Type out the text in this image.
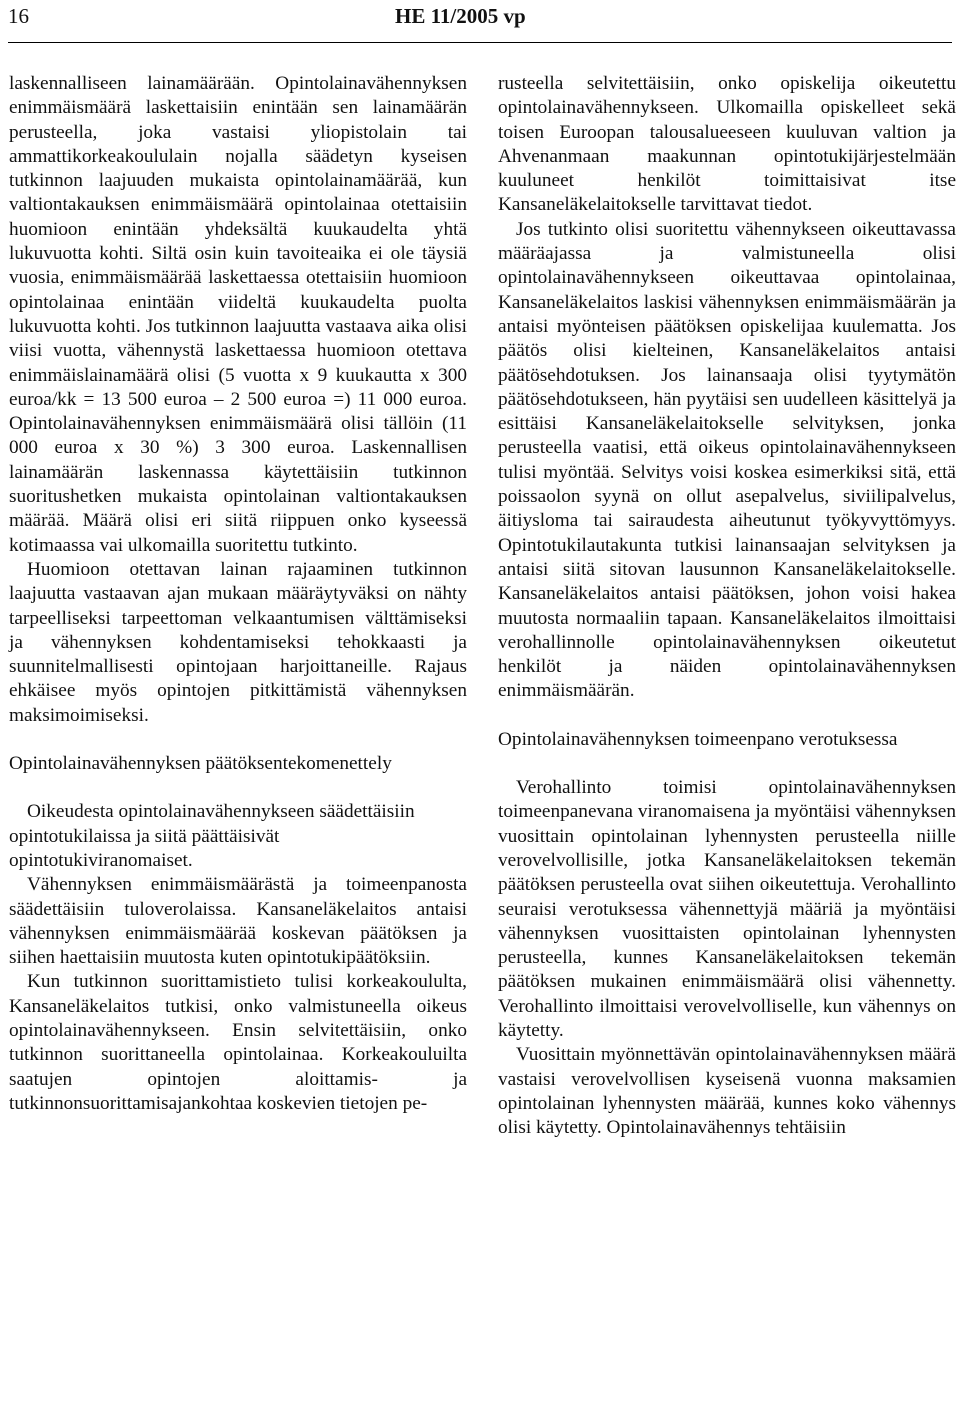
16	HE 11/2005 vp

laskennalliseen lainamäärään. Opintolainavähennyksen enimmäismäärä laskettaisiin enintään sen lainamäärän perusteella, joka vastaisi yliopistolain tai ammattikorkeakoululain nojalla säädetyn kyseisen tutkinnon laajuuden mukaista opintolainamäärää, kun valtiontakauksen enimmäismäärä opintolainaa otettaisiin huomioon enintään yhdeksältä kuukaudelta yhtä lukuvuotta kohti. Siltä osin kuin tavoiteaika ei ole täysiä vuosia, enimmäismäärää laskettaessa otettaisiin huomioon opintolainaa enintään viideltä kuukaudelta puolta lukuvuotta kohti. Jos tutkinnon laajuutta vastaava aika olisi viisi vuotta, vähennystä laskettaessa huomioon otettava enimmäislainamäärä olisi (5 vuotta x 9 kuukautta x 300 euroa/kk = 13 500 euroa – 2 500 euroa =) 11 000 euroa. Opintolainavähennyksen enimmäismäärä olisi tällöin (11 000 euroa x 30 %) 3 300 euroa. Laskennallisen lainamäärän laskennassa käytettäisiin tutkinnon suoritushetken mukaista opintolainan valtiontakauksen määrää. Määrä olisi eri siitä riippuen onko kyseessä kotimaassa vai ulkomailla suoritettu tutkinto.

Huomioon otettavan lainan rajaaminen tutkinnon laajuutta vastaavan ajan mukaan määräytyväksi on nähty tarpeelliseksi tarpeettoman velkaantumisen välttämiseksi ja vähennyksen kohdentamiseksi tehokkaasti ja suunnitelmallisesti opintojaan harjoittaneille. Rajaus ehkäisee myös opintojen pitkittämistä vähennyksen maksimoimiseksi.

Opintolainavähennyksen päätöksentekomenettely
Oikeudesta opintolainavähennykseen säädettäisiin opintotukilaissa ja siitä päättäisivät opintotukiviranomaiset.

Vähennyksen enimmäismäärästä ja toimeenpanosta säädettäisiin tuloverolaissa. Kansaneläkelaitos antaisi vähennyksen enimmäismäärää koskevan päätöksen ja siihen haettaisiin muutosta kuten opintotukipäätöksiin.

Kun tutkinnon suorittamistieto tulisi korkeakoululta, Kansaneläkelaitos tutkisi, onko valmistuneella oikeus opintolainavähennykseen. Ensin selvitettäisiin, onko tutkinnon suorittaneella opintolainaa. Korkeakouluilta saatujen opintojen aloittamis- ja tutkinnonsuorittamisajankohtaa koskevien tietojen pe-

rusteella selvitettäisiin, onko opiskelija oikeutettu opintolainavähennykseen. Ulkomailla opiskelleet sekä toisen Euroopan talousalueeseen kuuluvan valtion ja Ahvenanmaan maakunnan opintotukijärjestelmään kuuluneet henkilöt toimittaisivat itse Kansaneläkelaitokselle tarvittavat tiedot.

Jos tutkinto olisi suoritettu vähennykseen oikeuttavassa määräajassa ja valmistuneella olisi opintolainavähennykseen oikeuttavaa opintolainaa, Kansaneläkelaitos laskisi vähennyksen enimmäismäärän ja antaisi myönteisen päätöksen opiskelijaa kuulematta. Jos päätös olisi kielteinen, Kansaneläkelaitos antaisi päätösehdotuksen. Jos lainansaaja olisi tyytymätön päätösehdotukseen, hän pyytäisi sen uudelleen käsittelyä ja esittäisi Kansaneläkelaitokselle selvityksen, jonka perusteella vaatisi, että oikeus opintolainavähennykseen tulisi myöntää. Selvitys voisi koskea esimerkiksi sitä, että poissaolon syynä on ollut asepalvelus, siviilipalvelus, äitiysloma tai sairaudesta aiheutunut työkyvyttömyys. Opintotukilautakunta tutkisi lainansaajan selvityksen ja antaisi siitä sitovan lausunnon Kansaneläkelaitokselle. Kansaneläkelaitos antaisi päätöksen, johon voisi hakea muutosta normaaliin tapaan. Kansaneläkelaitos ilmoittaisi verohallinnolle opintolainavähennyksen oikeutetut henkilöt ja näiden opintolainavähennyksen enimmäismäärän.

Opintolainavähennyksen toimeenpano verotuksessa

Verohallinto toimisi opintolainavähennyksen toimeenpanevana viranomaisena ja myöntäisi vähennyksen vuosittain opintolainan lyhennysten perusteella niille verovelvollisille, jotka Kansaneläkelaitoksen tekemän päätöksen perusteella ovat siihen oikeutettuja. Verohallinto seuraisi verotuksessa vähennettyjä määriä ja myöntäisi vähennyksen vuosittaisten opintolainan lyhennysten perusteella, kunnes Kansaneläkelaitoksen tekemän päätöksen mukainen enimmäismäärä olisi vähennetty. Verohallinto ilmoittaisi verovelvolliselle, kun vähennys on käytetty.

Vuosittain myönnettävän opintolainavähennyksen määrä vastaisi verovelvollisen kyseisenä vuonna maksamien opintolainan lyhennysten määrää, kunnes koko vähennys olisi käytetty. Opintolainavähennys tehtäisiin
